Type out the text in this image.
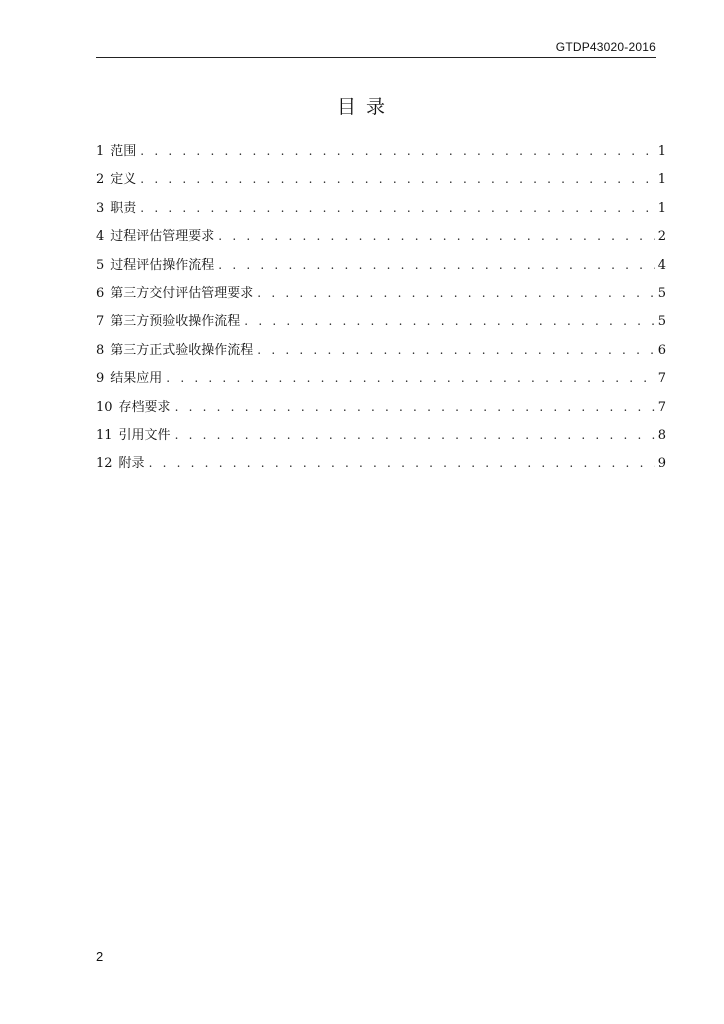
GTDP43020-2016
目 录
1 范围 . . .	1
2 定义 . . .	1
3 职责 . . .	1
4 过程评估管理要求 . . .	2
5 过程评估操作流程 . . .	4
6 第三方交付评估管理要求 . . .	5
7 第三方预验收操作流程 . . .	5
8 第三方正式验收操作流程 . . .	6
9 结果应用 . . .	7
10 存档要求 . . .	7
11 引用文件 . . .	8
12 附录 . . .	9
2
